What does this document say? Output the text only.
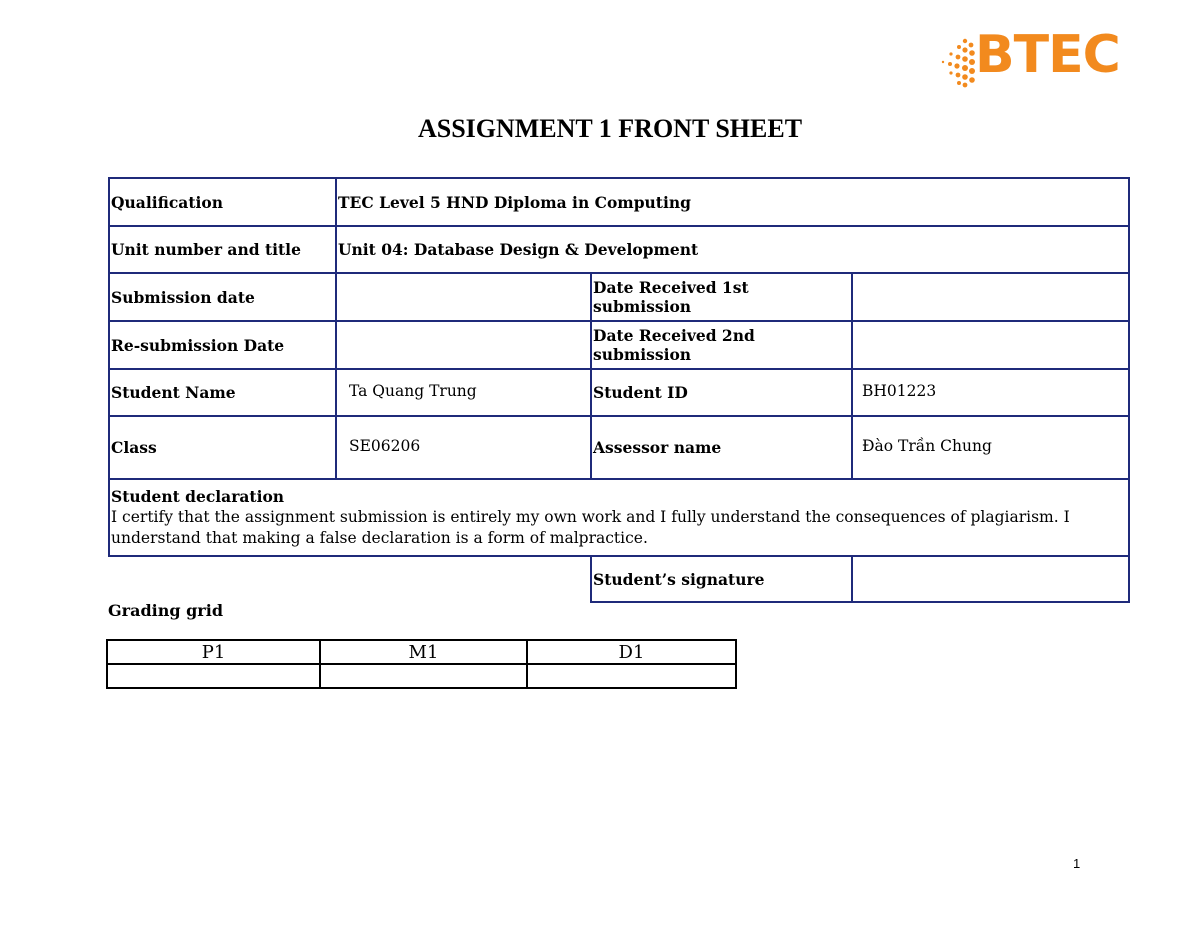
BTEC
ASSIGNMENT 1 FRONT SHEET
Qualification	TEC Level 5 HND Diploma in Computing		
Unit number and title	Unit 04: Database Design & Development		
Submission date		Date Received 1st submission	
Re-submission Date		Date Received 2nd submission	
Student Name	Ta Quang Trung	Student ID	BH01223
Class	SE06206	Assessor name	Đào Trần Chung

Student declaration
I certify that the assignment submission is entirely my own work and I fully understand the consequences of plagiarism. I understand that making a false declaration is a form of malpractice.			
		Student’s signature	
Grading grid
P1	M1	D1

1
